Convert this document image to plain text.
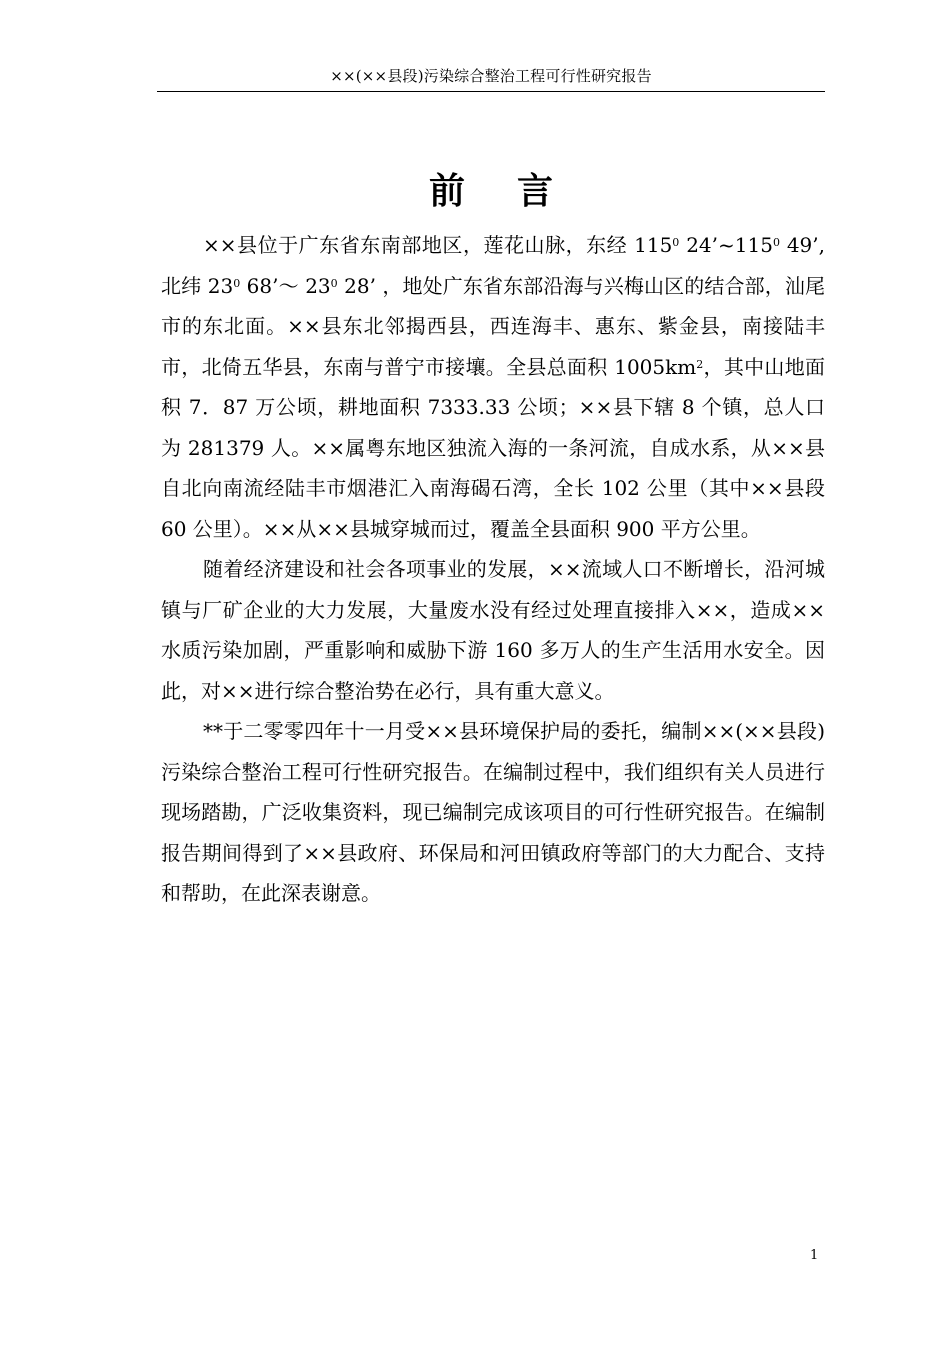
××(××县段)污染综合整治工程可行性研究报告
前 言

××县位于广东省东南部地区，莲花山脉，东经 $115^0$ $24’\sim 115^0$ 49’, 北纬 $23^0$ 68’～ $23^0$ 28’ ，地处广东省东部沿海与兴梅山区的结合部，汕尾市的东北面。××县东北邻揭西县，西连海丰、惠东、紫金县，南接陆丰市，北倚五华县，东南与普宁市接壤。全县总面积 $1005km^2$，其中山地面积 7．87 万公顷，耕地面积 7333.33 公顷；××县下辖 8 个镇，总人口为 281379 人。××属粤东地区独流入海的一条河流，自成水系，从××县自北向南流经陆丰市烟港汇入南海碣石湾，全长 102 公里（其中××县段 60 公里）。××从××县城穿城而过，覆盖全县面积 900 平方公里。

随着经济建设和社会各项事业的发展，××流域人口不断增长，沿河城镇与厂矿企业的大力发展，大量废水没有经过处理直接排入××，造成××水质污染加剧，严重影响和威胁下游 160 多万人的生产生活用水安全。因此，对××进行综合整治势在必行，具有重大意义。

**于二零零四年十一月受××县环境保护局的委托，编制××(××县段)污染综合整治工程可行性研究报告。在编制过程中，我们组织有关人员进行现场踏勘，广泛收集资料，现已编制完成该项目的可行性研究报告。在编制报告期间得到了××县政府、环保局和河田镇政府等部门的大力配合、支持和帮助，在此深表谢意。

1
